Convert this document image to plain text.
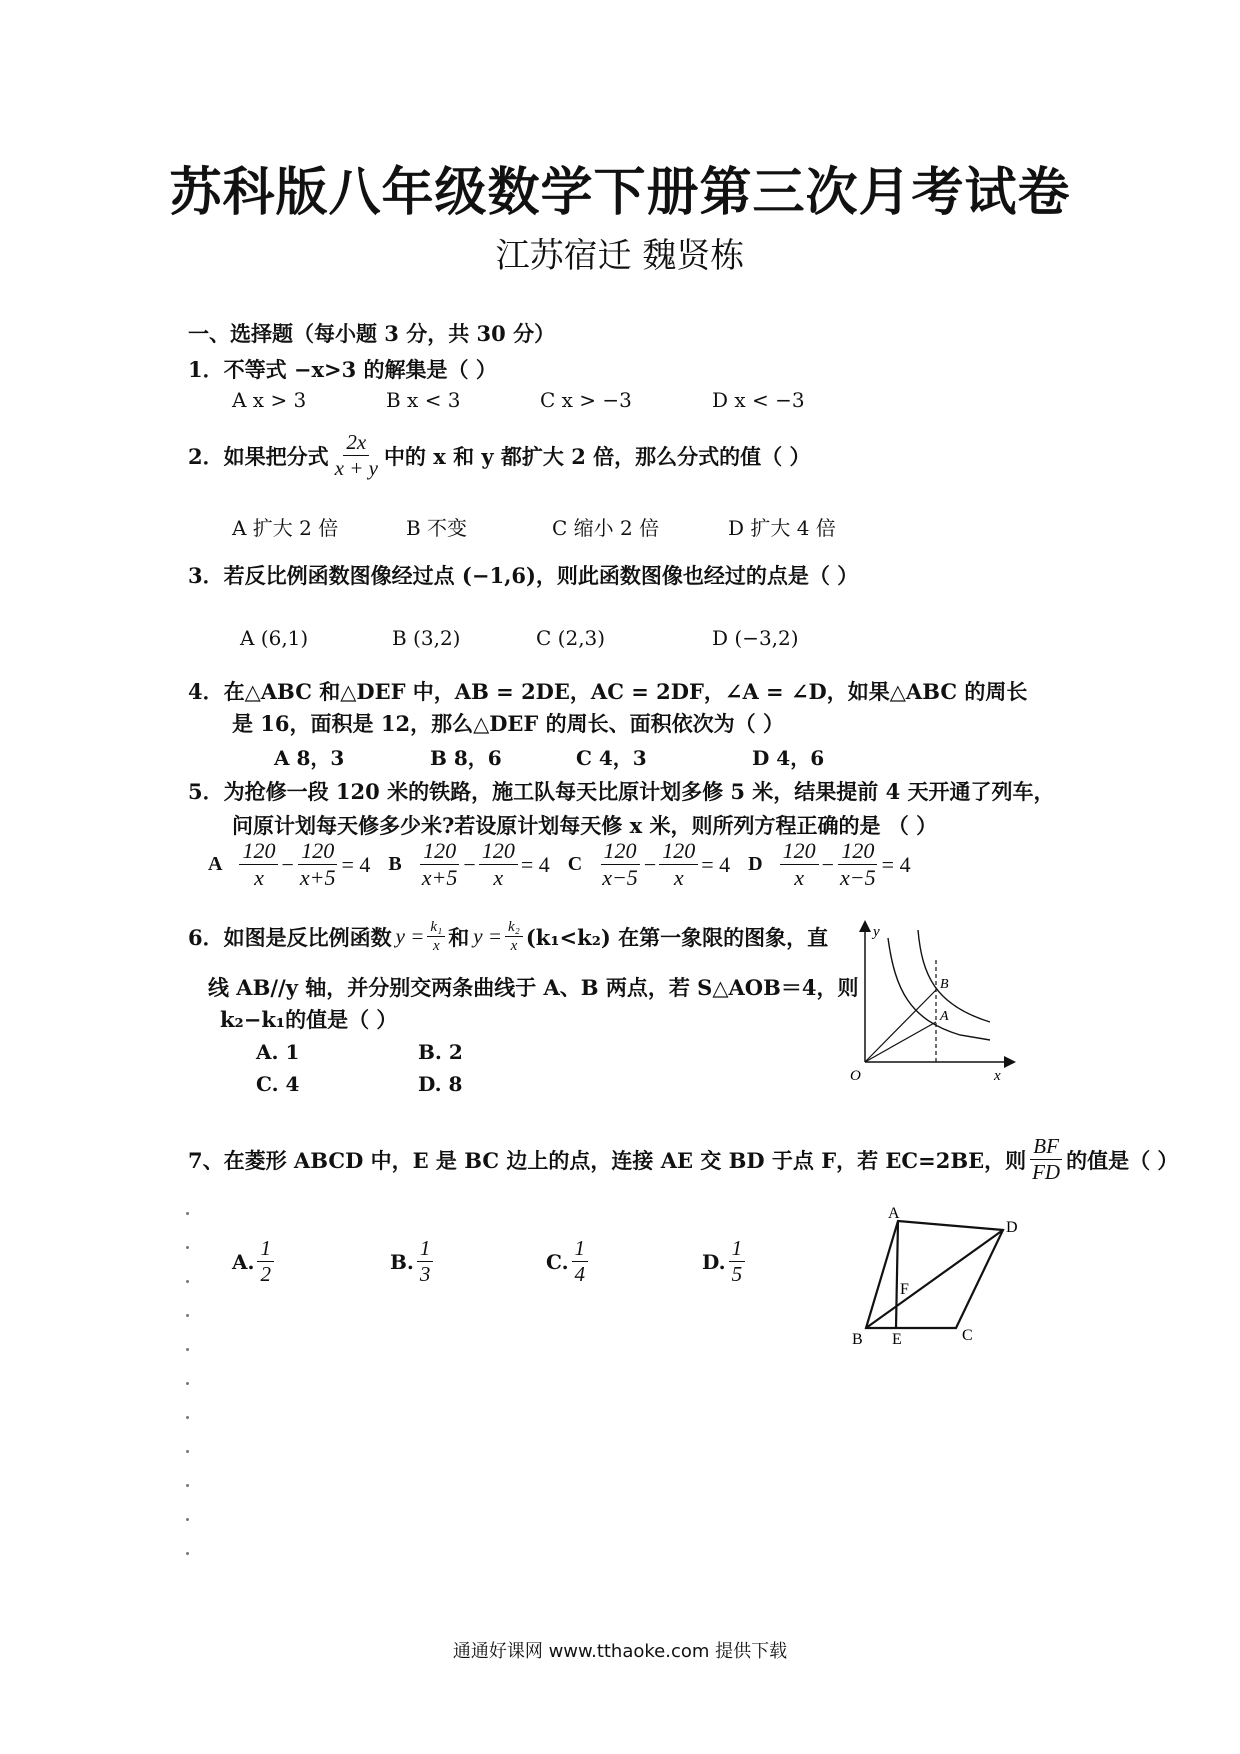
苏科版八年级数学下册第三次月考试卷
江苏宿迁 魏贤栋
一、选择题（每小题 3 分，共 30 分）
1．不等式 −x>3 的解集是（ ）
A x > 3	B x < 3	C x > −3	D x < −3
2．如果把分式 $\frac{2x}{x + y}$ 中的 x 和 y 都扩大 2 倍，那么分式的值（ ）
A 扩大 2 倍	B 不变	C 缩小 2 倍	D 扩大 4 倍
3．若反比例函数图像经过点 (−1,6)，则此函数图像也经过的点是（ ）
A (6,1)	B (3,2)	C (2,3)	D (−3,2)
4．在△ABC 和△DEF 中，AB = 2DE，AC = 2DF，∠A = ∠D，如果△ABC 的周长
是 16，面积是 12，那么△DEF 的周长、面积依次为（ ）
A 8，3	B 8，6	C 4，3	D 4，6
5．为抢修一段 120 米的铁路，施工队每天比原计划多修 5 米，结果提前 4 天开通了列车，
问原计划每天修多少米?若设原计划每天修 x 米，则所列方程正确的是 （ ）
A $\frac{120}{x} - \frac{120}{x+5} = 4$ B $\frac{120}{x+5} - \frac{120}{x} = 4$ C $\frac{120}{x-5} - \frac{120}{x} = 4$ D $\frac{120}{x} - \frac{120}{x-5} = 4$
6．如图是反比例函数 $y = \frac{\text{k₁}}{x}$ 和 $y = \frac{\text{k₂}}{x} (k_1<k_2)$ 在第一象限的图象，直
线 AB//y 轴，并分别交两条曲线于 A、B 两点，若 S△AOB＝4，则
k₂−k₁的值是（ ）
A. 1	B. 2
C. 4	D. 8
y
x
O
B
A
7、在菱形 ABCD 中，E 是 BC 边上的点，连接 AE 交 BD 于点 F，若 EC=2BE，则 $\frac{BF}{FD}$ 的值是（ ）
A. $\frac{1}{2}$	B. $\frac{1}{3}$	C. $\frac{1}{4}$	D. $\frac{1}{5}$
A
D
F
B E	C
通通好课网 www.tthaoke.com 提供下载
